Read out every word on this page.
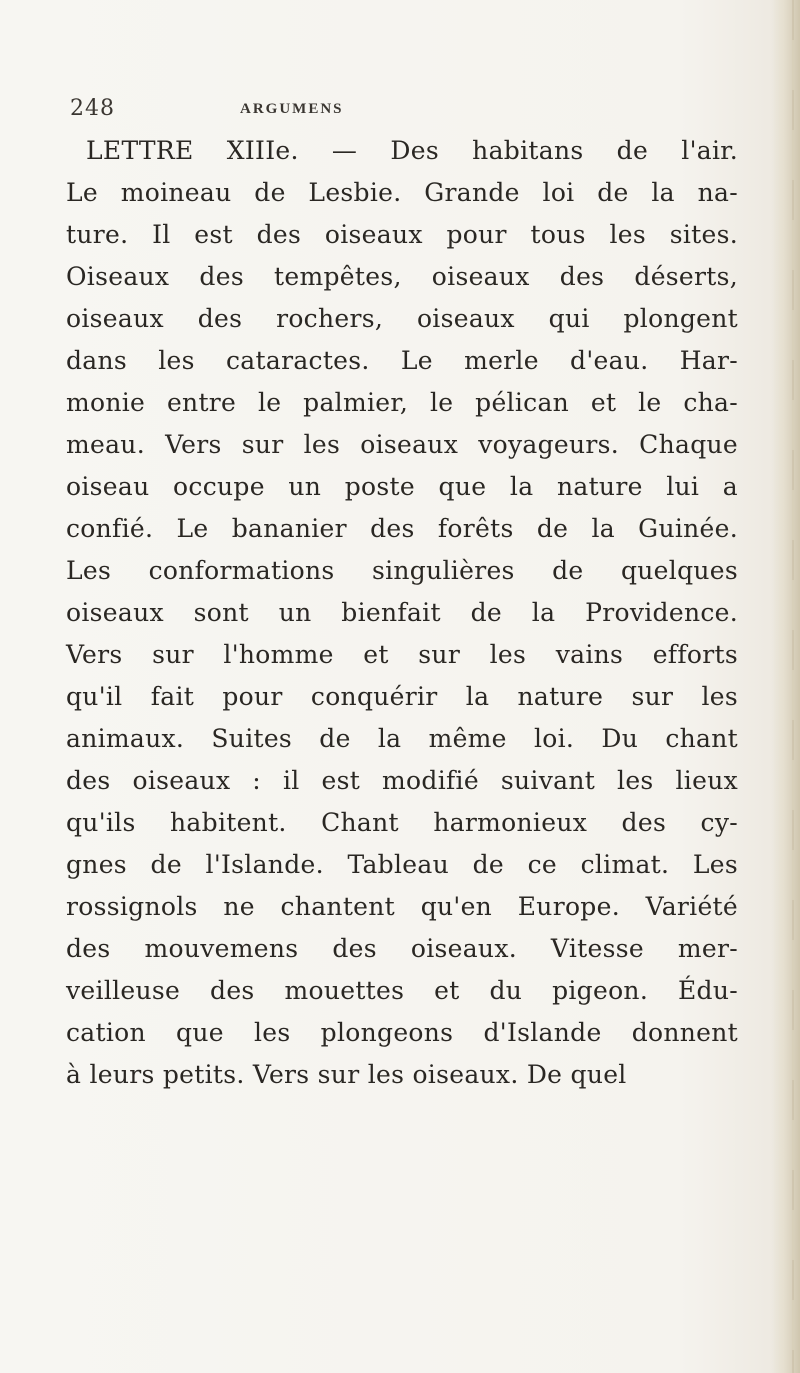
248	ARGUMENS
LETTRE XIIIe. — Des habitans de l'air.
Le moineau de Lesbie. Grande loi de la na-
ture. Il est des oiseaux pour tous les sites.
Oiseaux des tempêtes, oiseaux des déserts,
oiseaux des rochers, oiseaux qui plongent
dans les cataractes. Le merle d'eau. Har-
monie entre le palmier, le pélican et le cha-
meau. Vers sur les oiseaux voyageurs. Chaque
oiseau occupe un poste que la nature lui a
confié. Le bananier des forêts de la Guinée.
Les conformations singulières de quelques
oiseaux sont un bienfait de la Providence.
Vers sur l'homme et sur les vains efforts
qu'il fait pour conquérir la nature sur les
animaux. Suites de la même loi. Du chant
des oiseaux : il est modifié suivant les lieux
qu'ils habitent. Chant harmonieux des cy-
gnes de l'Islande. Tableau de ce climat. Les
rossignols ne chantent qu'en Europe. Variété
des mouvemens des oiseaux. Vitesse mer-
veilleuse des mouettes et du pigeon. Édu-
cation que les plongeons d'Islande donnent
à leurs petits. Vers sur les oiseaux. De quel
